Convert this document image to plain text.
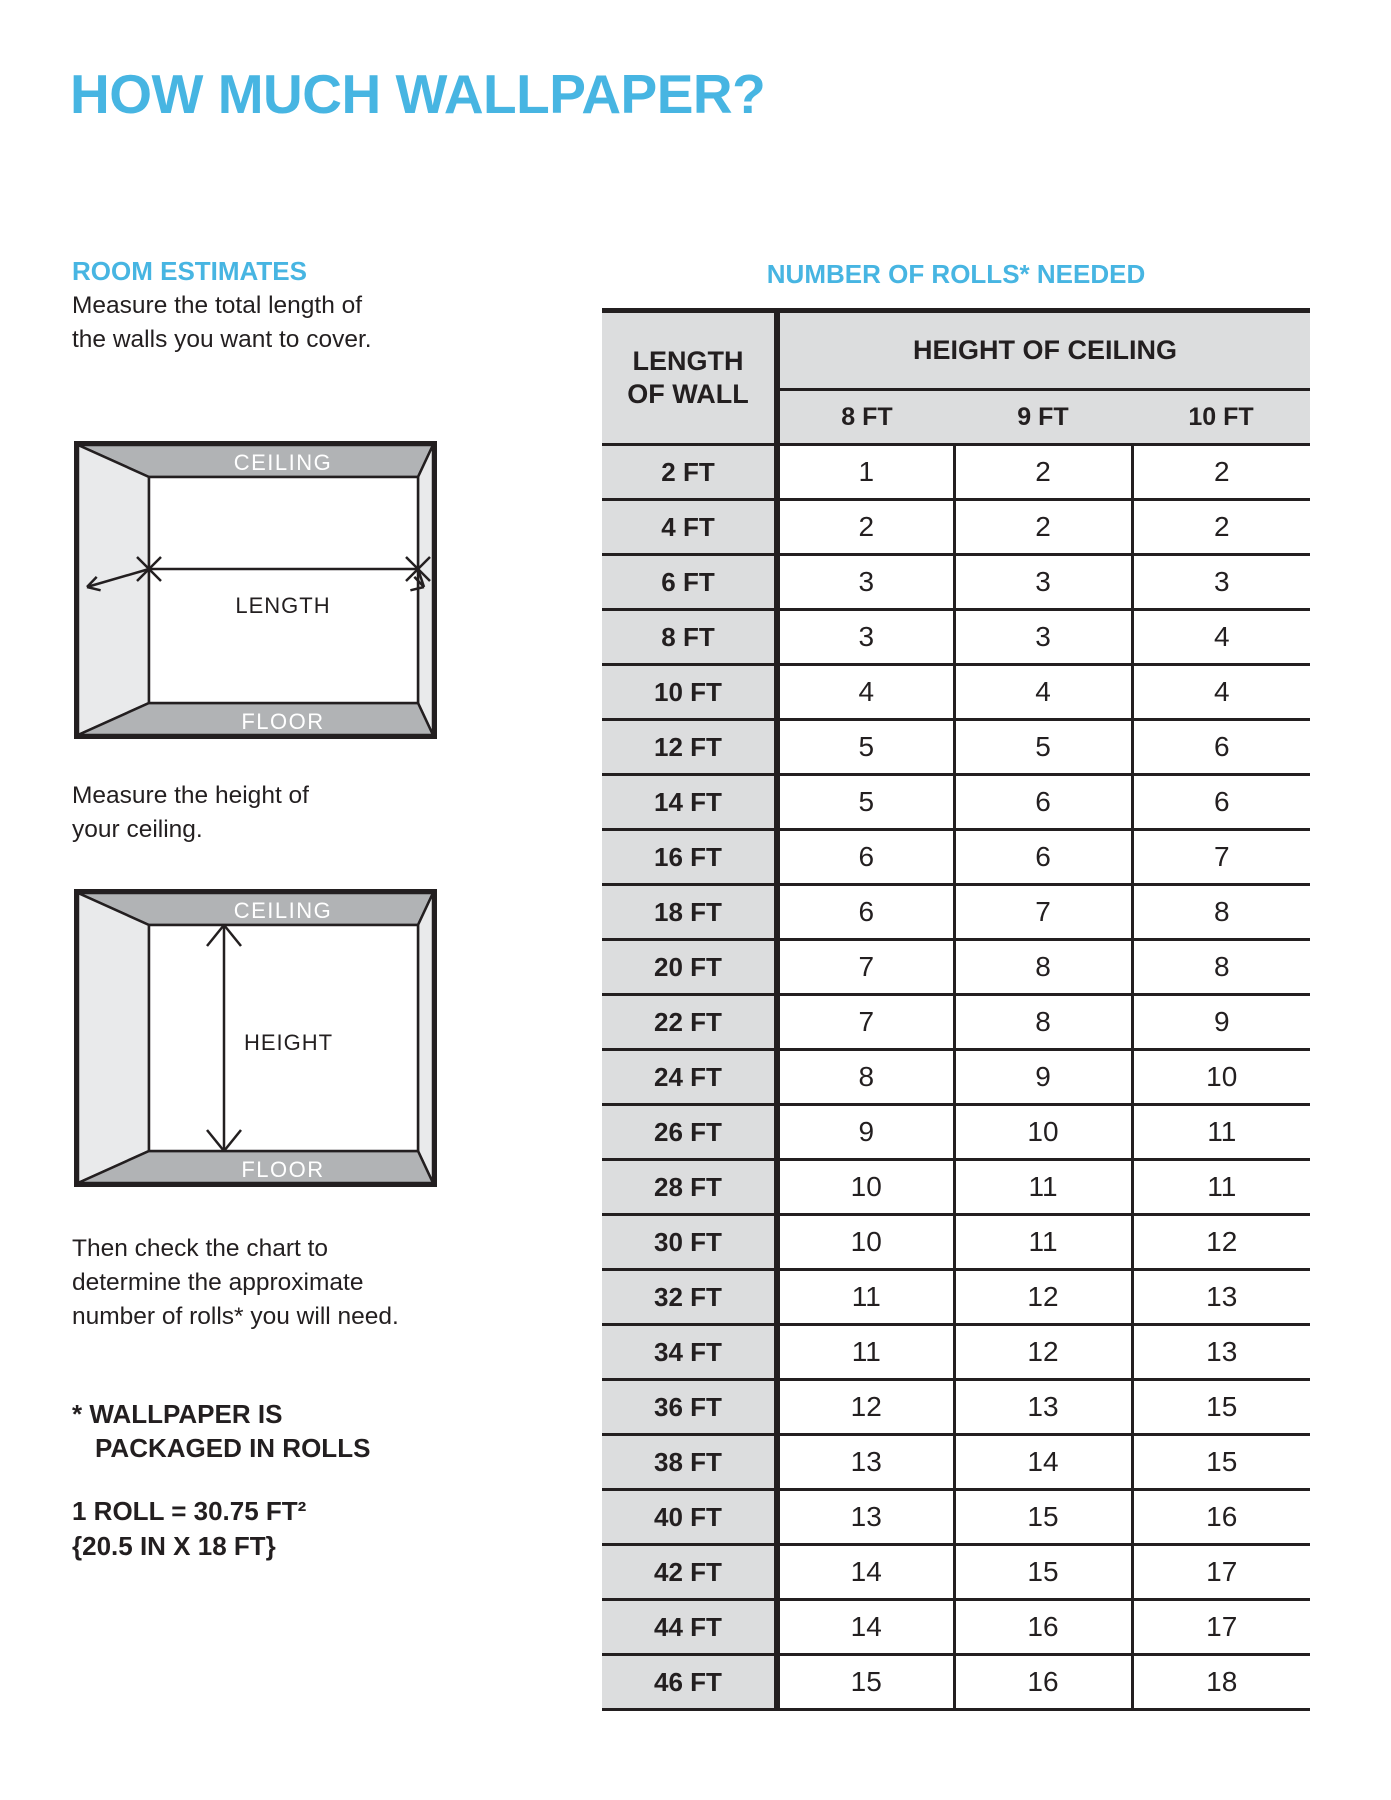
HOW MUCH WALLPAPER?
ROOM ESTIMATES

Measure the total length of
the walls you want to cover.

CEILING
FLOOR
LENGTH

Measure the height of
your ceiling.

CEILING
FLOOR
HEIGHT

Then check the chart to
determine the approximate
number of rolls* you will need.

* WALLPAPER IS
PACKAGED IN ROLLS

1 ROLL = 30.75 FT²
{20.5 IN X 18 FT}

NUMBER OF ROLLS* NEEDED
LENGTH
OF WALL	HEIGHT OF CEILING		
	8 FT	9 FT	10 FT
2 FT	1	2	2
4 FT	2	2	2
6 FT	3	3	3
8 FT	3	3	4
10 FT	4	4	4
12 FT	5	5	6
14 FT	5	6	6
16 FT	6	6	7
18 FT	6	7	8
20 FT	7	8	8
22 FT	7	8	9
24 FT	8	9	10
26 FT	9	10	11
28 FT	10	11	11
30 FT	10	11	12
32 FT	11	12	13
34 FT	11	12	13
36 FT	12	13	15
38 FT	13	14	15
40 FT	13	15	16
42 FT	14	15	17
44 FT	14	16	17
46 FT	15	16	18
